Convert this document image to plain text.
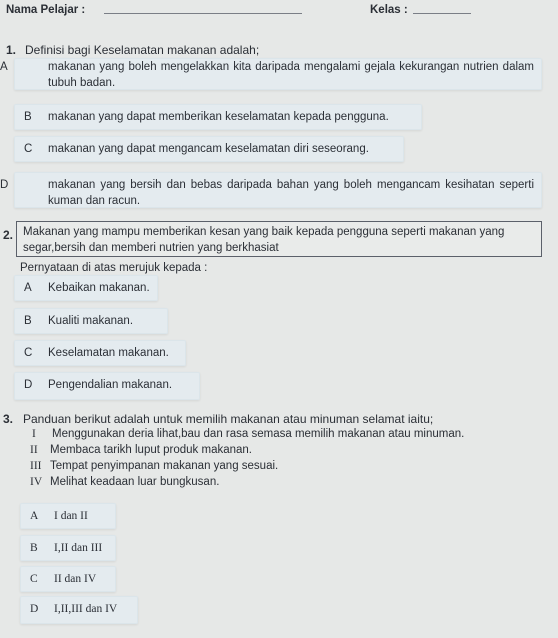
Nama Pelajar :	Kelas :
1. Definisi bagi Keselamatan makanan adalah;
A	makanan yang boleh mengelakkan kita daripada mengalami gejala kekurangan nutrien dalam tubuh badan.
B makanan yang dapat memberikan keselamatan kepada pengguna.
C makanan yang dapat mengancam keselamatan diri seseorang.
D	makanan yang bersih dan bebas daripada bahan yang boleh mengancam kesihatan seperti kuman dan racun.
2. Makanan yang mampu memberikan kesan yang baik kepada pengguna seperti makanan yang segar,bersih dan memberi nutrien yang berkhasiat
Pernyataan di atas merujuk kepada :
A Kebaikan makanan.
B Kualiti makanan.
C Keselamatan makanan.
D Pengendalian makanan.
3. Panduan berikut adalah untuk memilih makanan atau minuman selamat iaitu;
I Menggunakan deria lihat,bau dan rasa semasa memilih makanan atau minuman.
II Membaca tarikh luput produk makanan.
III Tempat penyimpanan makanan yang sesuai.
IV Melihat keadaan luar bungkusan.
A I dan II
B I,II dan III
C II dan IV
D I,II,III dan IV
